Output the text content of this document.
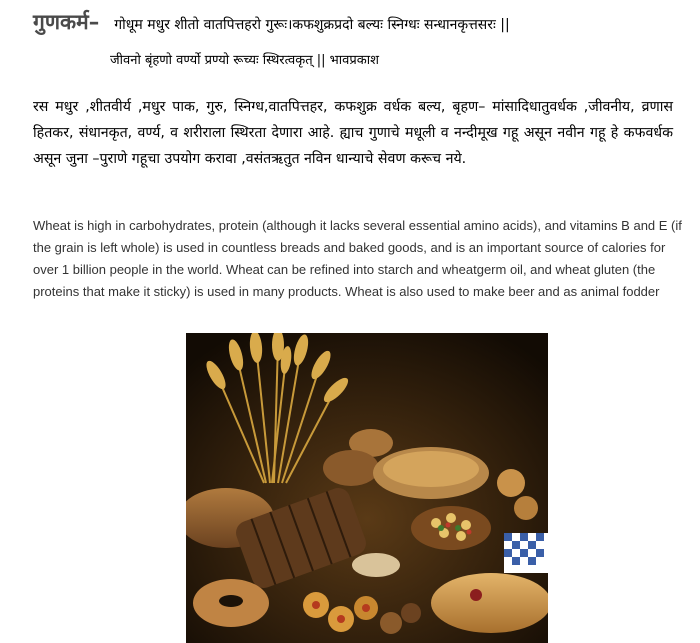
गुणकर्म– गोधूम मधुर शीतो वातपित्तहरो गुरूः।कफशुक्रप्रदो बल्यः स्निग्धः सन्धानकृत्तसरः ||
जीवनो बृंहणो वर्ण्यो प्रण्यो रूच्यः स्थिरत्वकृत् || भावप्रकाश
रस मधुर ,शीतवीर्य ,मधुर पाक, गुरु, स्निग्ध,वातपित्तहर, कफशुक्र वर्धक बल्य, बृहण– मांसादिधातुवर्धक ,जीवनीय, व्रणास हितकर, संधानकृत, वर्ण्य, व शरीराला स्थिरता देणारा आहे. ह्याच गुणाचे मधूली व नन्दीमूख गहू असून नवीन गहू हे कफवर्धक असून जुना –पुराणे गहूचा उपयोग करावा ,वसंतऋतुत नविन धान्याचे सेवण करूच नये.
Wheat is high in carbohydrates, protein (although it lacks several essential amino acids), and vitamins B and E (if the grain is left whole) is used in countless breads and baked goods, and is an important source of calories for over 1 billion people in the world. Wheat can be refined into starch and wheatgerm oil, and wheat gluten (the proteins that make it sticky) is used in many products. Wheat is also used to make beer and as animal fodder
